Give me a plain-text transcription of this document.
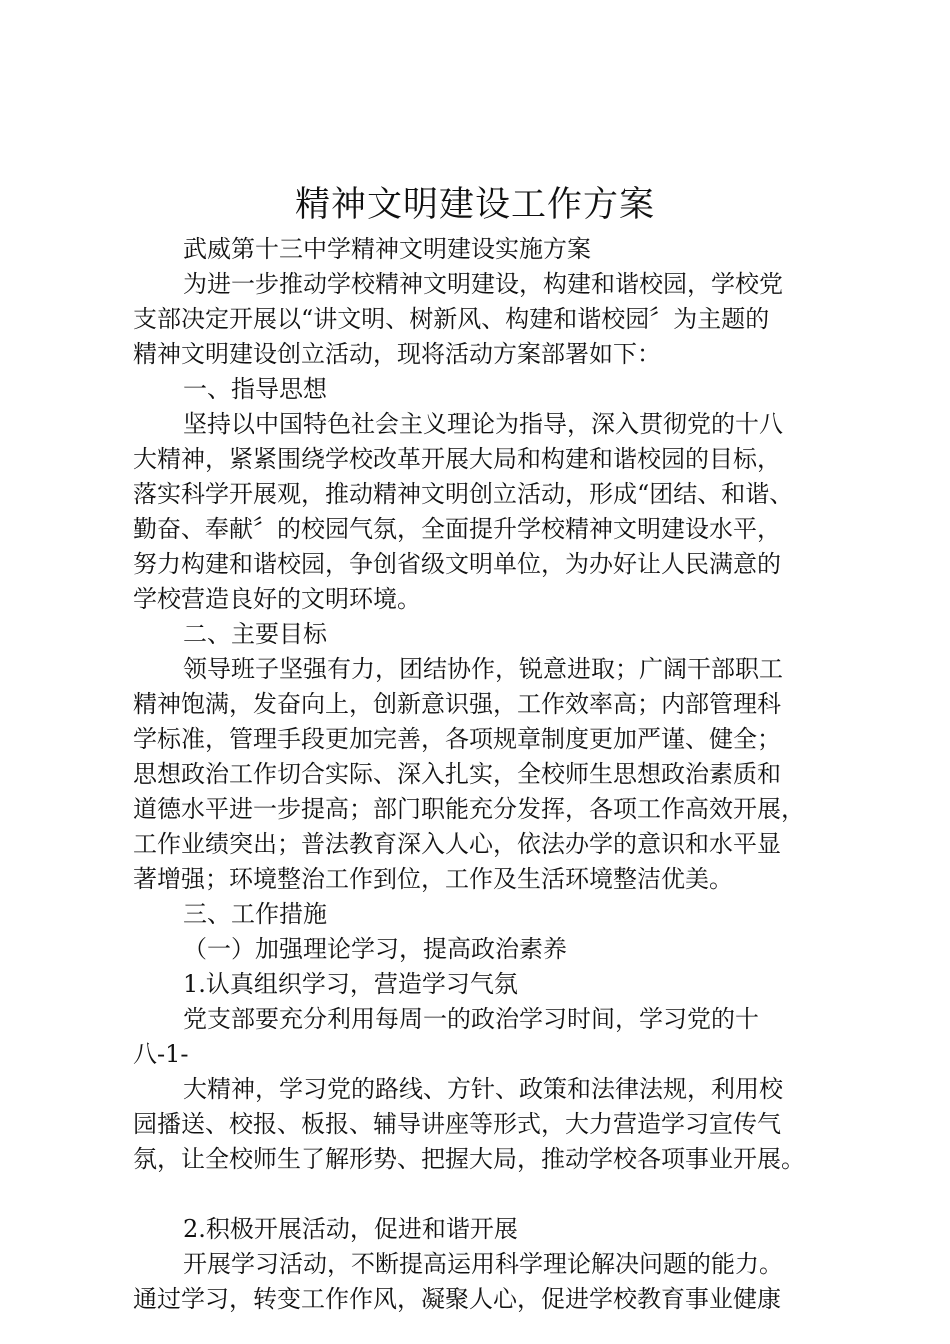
精神文明建设工作方案

武威第十三中学精神文明建设实施方案

为进一步推动学校精神文明建设，构建和谐校园，学校党

支部决定开展以“讲文明、树新风、构建和谐校园〞为主题的

精神文明建设创立活动，现将活动方案部署如下：

一、指导思想

坚持以中国特色社会主义理论为指导，深入贯彻党的十八

大精神，紧紧围绕学校改革开展大局和构建和谐校园的目标，

落实科学开展观，推动精神文明创立活动，形成“团结、和谐、

勤奋、奉献〞的校园气氛，全面提升学校精神文明建设水平，

努力构建和谐校园，争创省级文明单位，为办好让人民满意的

学校营造良好的文明环境。

二、主要目标

领导班子坚强有力，团结协作，锐意进取；广阔干部职工

精神饱满，发奋向上，创新意识强，工作效率高；内部管理科

学标准，管理手段更加完善，各项规章制度更加严谨、健全；

思想政治工作切合实际、深入扎实，全校师生思想政治素质和

道德水平进一步提高；部门职能充分发挥，各项工作高效开展，

工作业绩突出；普法教育深入人心，依法办学的意识和水平显

著增强；环境整治工作到位，工作及生活环境整洁优美。

三、工作措施

（一）加强理论学习，提高政治素养

1.认真组织学习，营造学习气氛

党支部要充分利用每周一的政治学习时间，学习党的十

八-1-

大精神，学习党的路线、方针、政策和法律法规，利用校

园播送、校报、板报、辅导讲座等形式，大力营造学习宣传气

氛，让全校师生了解形势、把握大局，推动学校各项事业开展。

2.积极开展活动，促进和谐开展

开展学习活动，不断提高运用科学理论解决问题的能力。

通过学习，转变工作作风，凝聚人心，促进学校教育事业健康
